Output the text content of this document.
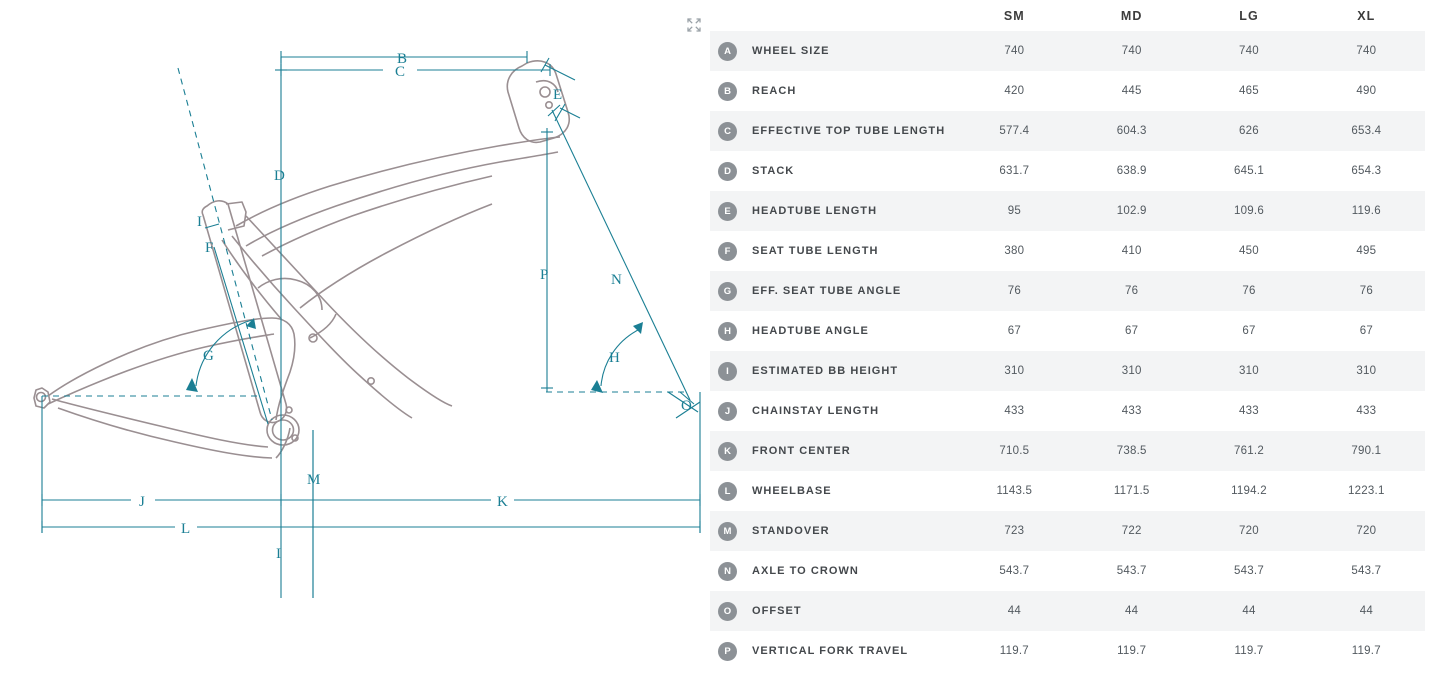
B
C
D
E
F
G	H
I
J	K
L
M
N
O
P
I
	SM	MD	LG	XL

A WHEEL SIZE	740	740	740	740

B REACH	420	445	465	490

C EFFECTIVE TOP TUBE LENGTH	577.4	604.3	626	653.4

D STACK	631.7	638.9	645.1	654.3

E HEADTUBE LENGTH	95	102.9	109.6	119.6

F SEAT TUBE LENGTH	380	410	450	495

G EFF. SEAT TUBE ANGLE	76	76	76	76

H HEADTUBE ANGLE	67	67	67	67

I ESTIMATED BB HEIGHT	310	310	310	310

J CHAINSTAY LENGTH	433	433	433	433

K FRONT CENTER	710.5	738.5	761.2	790.1

L WHEELBASE	1143.5	1171.5	1194.2	1223.1

M STANDOVER	723	722	720	720

N AXLE TO CROWN	543.7	543.7	543.7	543.7

O OFFSET	44	44	44	44

P VERTICAL FORK TRAVEL	119.7	119.7	119.7	119.7
